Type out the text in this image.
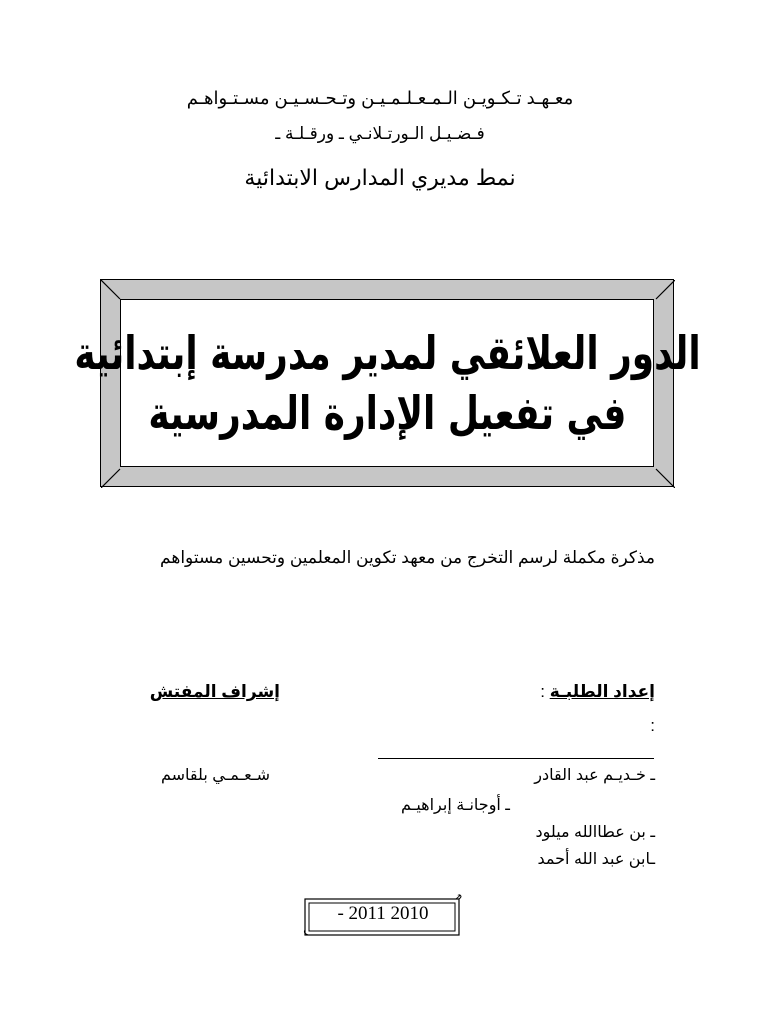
معـهـد تـكـويـن الـمـعـلـمـيـن وتـحـسـيـن مسـتـواهـم
فـضـيـل الـورتـلانـي ـ ورقـلـة ـ
نمط مديري المدارس الابتدائية
الدور العلائقي لمدير مدرسة إبتدائية
في تفعيل الإدارة المدرسية
مذكرة مكملة لرسم التخرج من معهد تكوين المعلمين وتحسين مستواهم
إعداد الطلبـة :
:
إشراف المفتش
ـ خـديـم عبد القادر
ـ أوجانـة إبراهيـم
ـ بن عطاالله ميلود
ـابن عبد الله أحمد
شـعـمـي بلقاسم
- 2011 2010
